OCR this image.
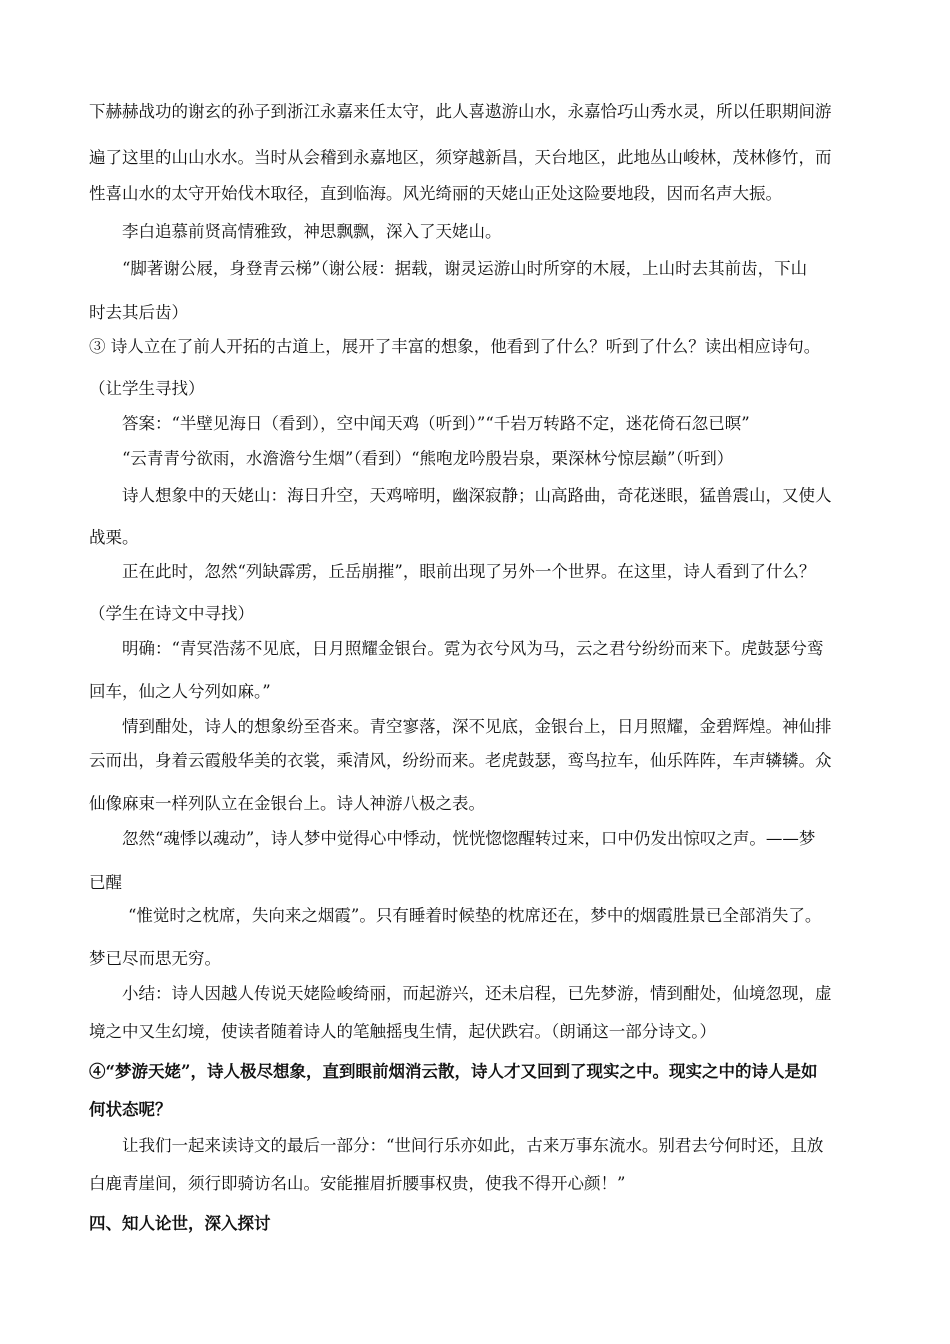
下赫赫战功的谢玄的孙子到浙江永嘉来任太守，此人喜遨游山水，永嘉恰巧山秀水灵，所以任职期间游
遍了这里的山山水水。当时从会稽到永嘉地区，须穿越新昌，天台地区，此地丛山峻林，茂林修竹，而
性喜山水的太守开始伐木取径，直到临海。风光绮丽的天姥山正处这险要地段，因而名声大振。
李白追慕前贤高情雅致，神思飘飘，深入了天姥山。
“脚著谢公屐，身登青云梯”（谢公屐：据载，谢灵运游山时所穿的木屐，上山时去其前齿，下山
时去其后齿）
③ 诗人立在了前人开拓的古道上，展开了丰富的想象，他看到了什么？听到了什么？读出相应诗句。
（让学生寻找）
答案：“半壁见海日（看到），空中闻天鸡（听到）”“千岩万转路不定，迷花倚石忽已暝”
“云青青兮欲雨，水澹澹兮生烟”（看到）“熊咆龙吟殷岩泉，栗深林兮惊层巅”（听到）
诗人想象中的天姥山：海日升空，天鸡啼明，幽深寂静；山高路曲，奇花迷眼，猛兽震山，又使人
战栗。
正在此时，忽然“列缺霹雳，丘岳崩摧”，眼前出现了另外一个世界。在这里，诗人看到了什么？
（学生在诗文中寻找）
明确：“青冥浩荡不见底，日月照耀金银台。霓为衣兮风为马，云之君兮纷纷而来下。虎鼓瑟兮鸾
回车，仙之人兮列如麻。”
情到酣处，诗人的想象纷至沓来。青空寥落，深不见底，金银台上，日月照耀，金碧辉煌。神仙排
云而出，身着云霞般华美的衣裳，乘清风，纷纷而来。老虎鼓瑟，鸾鸟拉车，仙乐阵阵，车声辚辚。众
仙像麻束一样列队立在金银台上。诗人神游八极之表。
忽然“魂悸以魂动”，诗人梦中觉得心中悸动，恍恍惚惚醒转过来，口中仍发出惊叹之声。——梦
已醒
“惟觉时之枕席，失向来之烟霞”。只有睡着时候垫的枕席还在，梦中的烟霞胜景已全部消失了。
梦已尽而思无穷。
小结：诗人因越人传说天姥险峻绮丽，而起游兴，还未启程，已先梦游，情到酣处，仙境忽现，虚
境之中又生幻境，使读者随着诗人的笔触摇曳生情，起伏跌宕。（朗诵这一部分诗文。）
④“梦游天姥”，诗人极尽想象，直到眼前烟消云散，诗人才又回到了现实之中。现实之中的诗人是如
何状态呢？
让我们一起来读诗文的最后一部分：“世间行乐亦如此，古来万事东流水。别君去兮何时还，且放
白鹿青崖间，须行即骑访名山。安能摧眉折腰事权贵，使我不得开心颜！”
四、知人论世，深入探讨
